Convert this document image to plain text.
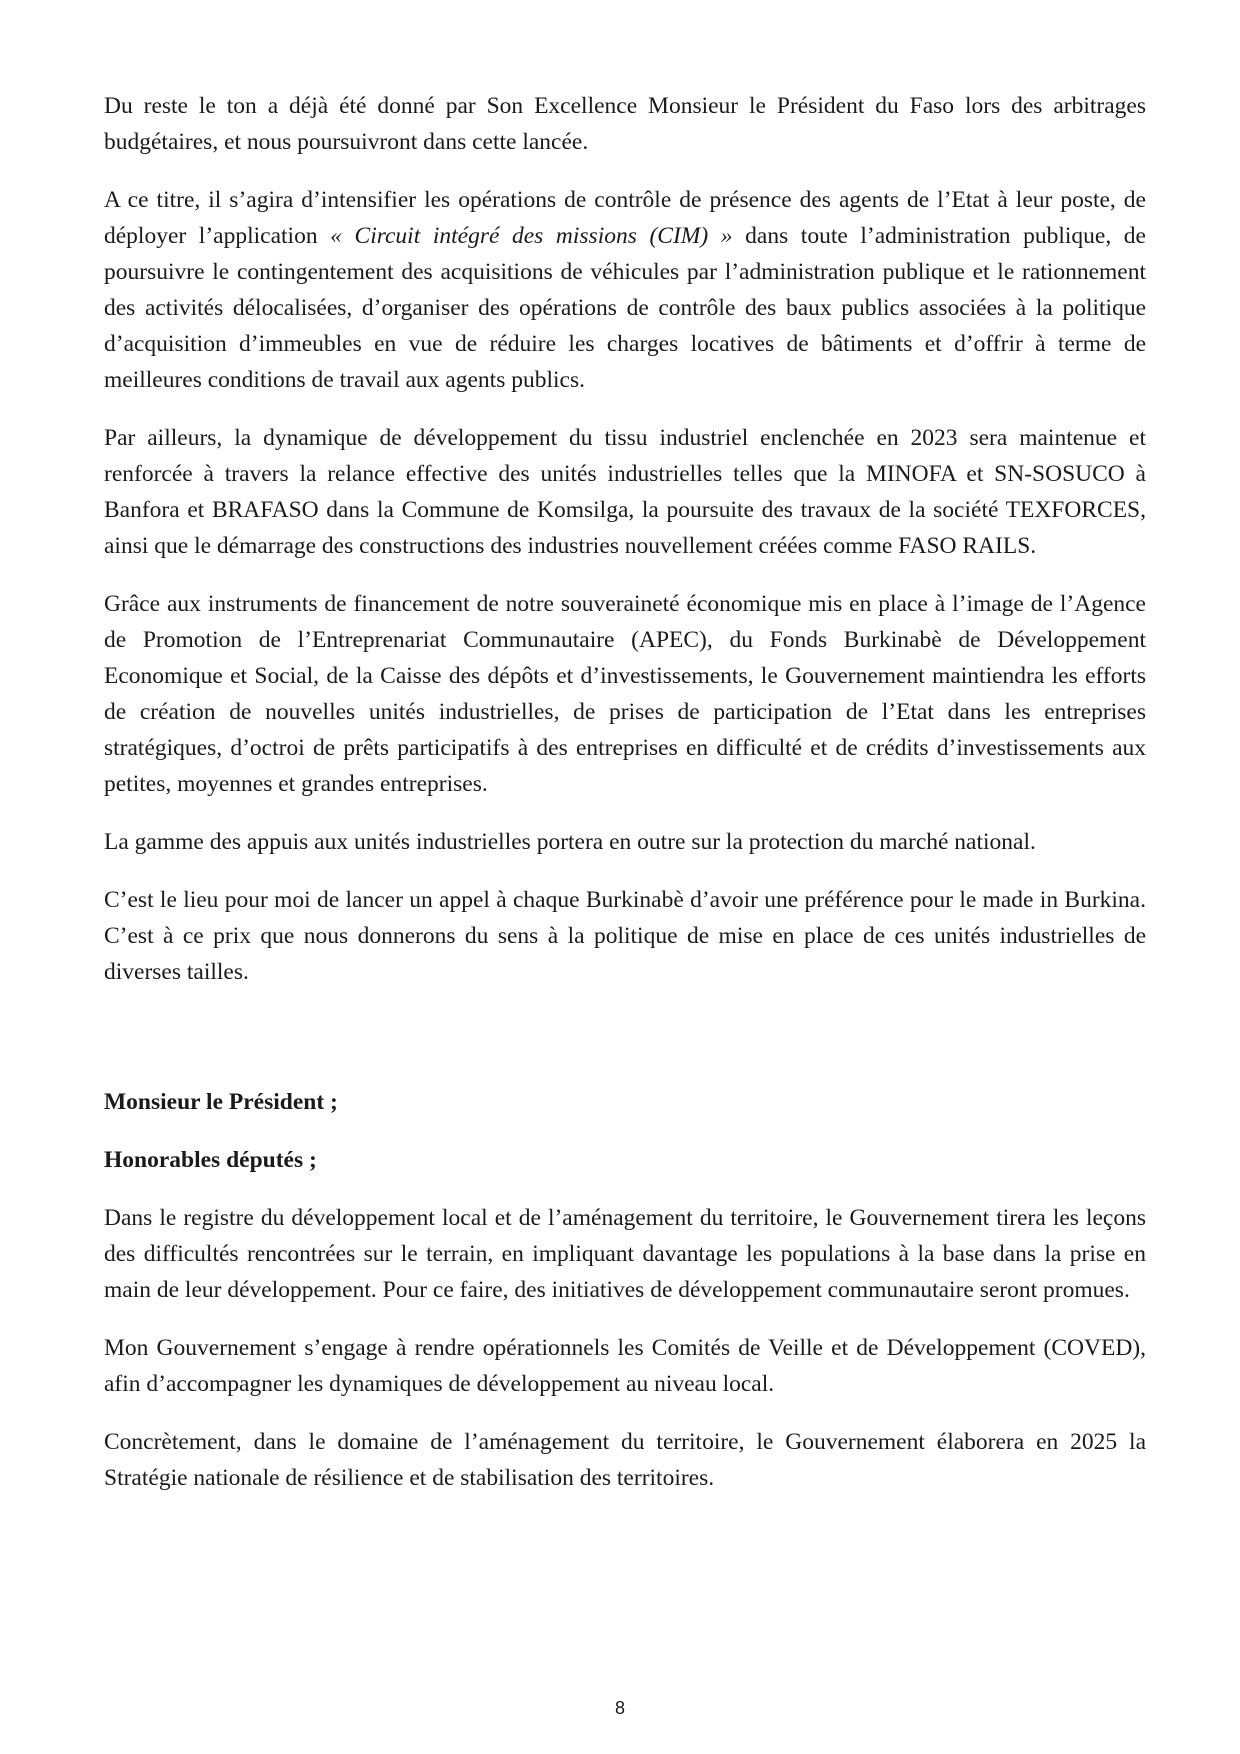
Du reste le ton a déjà été donné par Son Excellence Monsieur le Président du Faso lors des arbitrages budgétaires, et nous poursuivront dans cette lancée.

A ce titre, il s’agira d’intensifier les opérations de contrôle de présence des agents de l’Etat à leur poste, de déployer l’application « Circuit intégré des missions (CIM) » dans toute l’administration publique, de poursuivre le contingentement des acquisitions de véhicules par l’administration publique et le rationnement des activités délocalisées, d’organiser des opérations de contrôle des baux publics associées à la politique d’acquisition d’immeubles en vue de réduire les charges locatives de bâtiments et d’offrir à terme de meilleures conditions de travail aux agents publics.

Par ailleurs, la dynamique de développement du tissu industriel enclenchée en 2023 sera maintenue et renforcée à travers la relance effective des unités industrielles telles que la MINOFA et SN-SOSUCO à Banfora et BRAFASO dans la Commune de Komsilga, la poursuite des travaux de la société TEXFORCES, ainsi que le démarrage des constructions des industries nouvellement créées comme FASO RAILS.

Grâce aux instruments de financement de notre souveraineté économique mis en place à l’image de l’Agence de Promotion de l’Entreprenariat Communautaire (APEC), du Fonds Burkinabè de Développement Economique et Social, de la Caisse des dépôts et d’investissements, le Gouvernement maintiendra les efforts de création de nouvelles unités industrielles, de prises de participation de l’Etat dans les entreprises stratégiques, d’octroi de prêts participatifs à des entreprises en difficulté et de crédits d’investissements aux petites, moyennes et grandes entreprises.

La gamme des appuis aux unités industrielles portera en outre sur la protection du marché national.

C’est le lieu pour moi de lancer un appel à chaque Burkinabè d’avoir une préférence pour le made in Burkina. C’est à ce prix que nous donnerons du sens à la politique de mise en place de ces unités industrielles de diverses tailles.

Monsieur le Président ;

Honorables députés ;

Dans le registre du développement local et de l’aménagement du territoire, le Gouvernement tirera les leçons des difficultés rencontrées sur le terrain, en impliquant davantage les populations à la base dans la prise en main de leur développement. Pour ce faire, des initiatives de développement communautaire seront promues.

Mon Gouvernement s’engage à rendre opérationnels les Comités de Veille et de Développement (COVED), afin d’accompagner les dynamiques de développement au niveau local.

Concrètement, dans le domaine de l’aménagement du territoire, le Gouvernement élaborera en 2025 la Stratégie nationale de résilience et de stabilisation des territoires.

8
